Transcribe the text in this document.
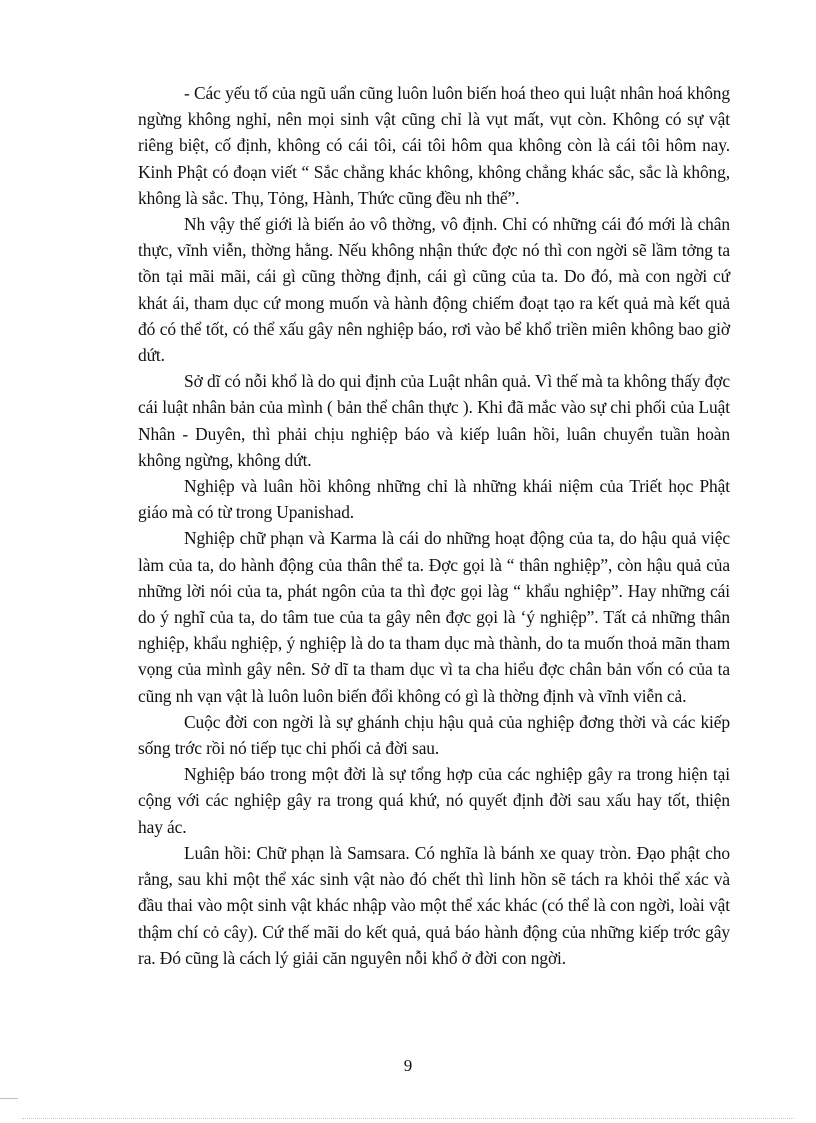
- Các yếu tố của ngũ uẩn cũng luôn luôn biến hoá theo qui luật nhân hoá không ngừng không nghỉ, nên mọi sinh vật cũng chỉ là vụt mất, vụt còn. Không có sự vật riêng biệt, cố định, không có cái tôi, cái tôi hôm qua không còn là cái tôi hôm nay. Kinh Phật có đoạn viết “ Sắc chẳng khác không, không chẳng khác sắc, sắc là không, không là sắc. Thụ, Tỏng, Hành, Thức cũng đều nh thế”.

Nh vậy thế giới là biến ảo vô thờng, vô định. Chỉ có những cái đó mới là chân thực, vĩnh viễn, thờng hằng. Nếu không nhận thức đợc nó thì con ngời sẽ lầm tởng ta tồn tại mãi mãi, cái gì cũng thờng định, cái gì cũng của ta. Do đó, mà con ngời cứ khát ái, tham dục cứ mong muốn và hành động chiếm đoạt tạo ra kết quả mà kết quả đó có thể tốt, có thể xấu gây nên nghiệp báo, rơi vào bể khổ triền miên không bao giờ dứt.

Sở dĩ có nỗi khổ là do qui định của Luật nhân quả. Vì thế mà ta không thấy đợc cái luật nhân bản của mình ( bản thể chân thực ). Khi đã mắc vào sự chi phối của Luật Nhân - Duyên, thì phải chịu nghiệp báo và kiếp luân hồi, luân chuyển tuần hoàn không ngừng, không dứt.

Nghiệp và luân hồi không những chỉ là những khái niệm của Triết học Phật giáo mà có từ trong Upanishad.

Nghiệp chữ phạn và Karma là cái do những hoạt động của ta, do hậu quả việc làm của ta, do hành động của thân thể ta. Đợc gọi là “ thân nghiệp”, còn hậu quả của những lời nói của ta, phát ngôn của ta thì đợc gọi làg “ khẩu nghiệp”. Hay những cái do ý nghĩ của ta, do tâm tue của ta gây nên đợc gọi là ‘ý nghiệp”. Tất cả những thân nghiệp, khẩu nghiệp, ý nghiệp là do ta tham dục mà thành, do ta muốn thoả mãn tham vọng của mình gây nên. Sở dĩ ta tham dục vì ta cha hiểu đợc chân bản vốn có của ta cũng nh vạn vật là luôn luôn biến đổi không có gì là thờng định và vĩnh viễn cả.

Cuộc đời con ngời là sự ghánh chịu hậu quả của nghiệp đơng thời và các kiếp sống trớc rồi nó tiếp tục chi phối cả đời sau.

Nghiệp báo trong một đời là sự tổng hợp của các nghiệp gây ra trong hiện tại cộng với các nghiệp gây ra trong quá khứ, nó quyết định đời sau xấu hay tốt, thiện hay ác.

Luân hồi: Chữ phạn là Samsara. Có nghĩa là bánh xe quay tròn. Đạo phật cho rằng, sau khi một thể xác sinh vật nào đó chết thì linh hồn sẽ tách ra khỏi thể xác và đầu thai vào một sinh vật khác nhập vào một thể xác khác (có thể là con ngời, loài vật thậm chí cỏ cây). Cứ thế mãi do kết quả, quả báo hành động của những kiếp trớc gây ra. Đó cũng là cách lý giải căn nguyên nỗi khổ ở đời con ngời.

9
